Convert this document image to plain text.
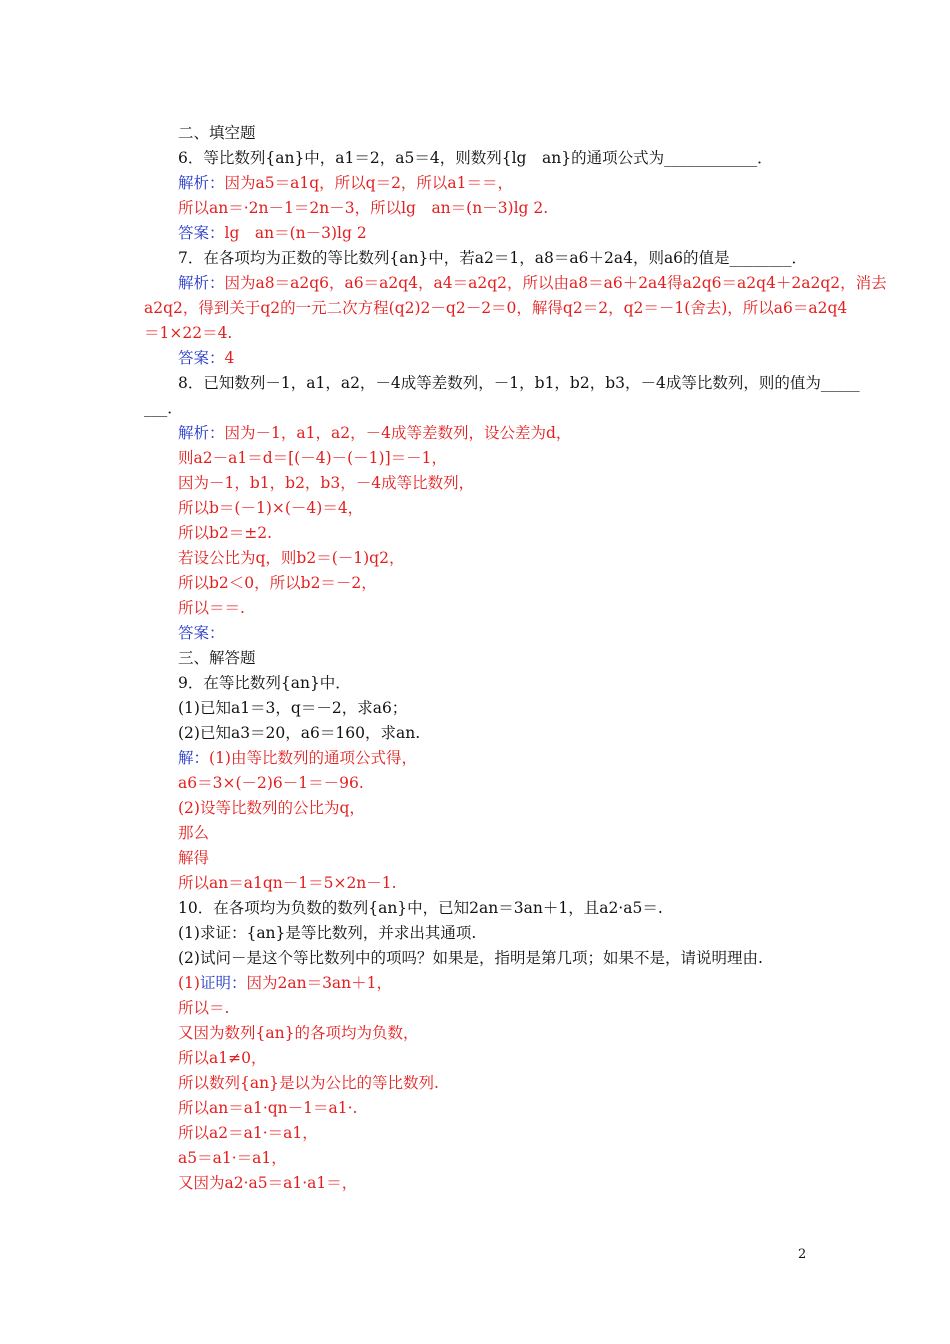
二、填空题
6．等比数列{an}中，a1＝2，a5＝4，则数列{lg　an}的通项公式为____________．
解析：因为a5＝a1q，所以q＝2，所以a1＝＝，
所以an＝·2n－1＝2n－3，所以lg　an＝(n－3)lg 2.
答案：lg　an＝(n－3)lg 2
7．在各项均为正数的等比数列{an}中，若a2＝1，a8＝a6＋2a4，则a6的值是________．
解析：因为a8＝a2q6，a6＝a2q4，a4＝a2q2，所以由a8＝a6＋2a4得a2q6＝a2q4＋2a2q2，消去
a2q2，得到关于q2的一元二次方程(q2)2－q2－2＝0，解得q2＝2，q2＝－1(舍去)，所以a6＝a2q4
＝1×22＝4.
答案：4
8．已知数列－1，a1，a2，－4成等差数列，－1，b1，b2，b3，－4成等比数列，则的值为_____
___．
解析：因为－1，a1，a2，－4成等差数列，设公差为d，
则a2－a1＝d＝[(－4)－(－1)]＝－1，
因为－1，b1，b2，b3，－4成等比数列，
所以b＝(－1)×(－4)＝4，
所以b2＝±2.
若设公比为q，则b2＝(－1)q2，
所以b2＜0，所以b2＝－2，
所以＝＝.
答案：
三、解答题
9．在等比数列{an}中．
(1)已知a1＝3，q＝－2，求a6；
(2)已知a3＝20，a6＝160，求an.
解：(1)由等比数列的通项公式得，
a6＝3×(－2)6－1＝－96.
(2)设等比数列的公比为q，
那么
解得
所以an＝a1qn－1＝5×2n－1.
10．在各项均为负数的数列{an}中，已知2an＝3an＋1，且a2·a5＝.
(1)求证：{an}是等比数列，并求出其通项.
(2)试问－是这个等比数列中的项吗？如果是，指明是第几项；如果不是，请说明理由.
(1)证明：因为2an＝3an＋1，
所以＝.
又因为数列{an}的各项均为负数，
所以a1≠0，
所以数列{an}是以为公比的等比数列.
所以an＝a1·qn－1＝a1·.
所以a2＝a1·＝a1，
a5＝a1·＝a1，
又因为a2·a5＝a1·a1＝，
2
